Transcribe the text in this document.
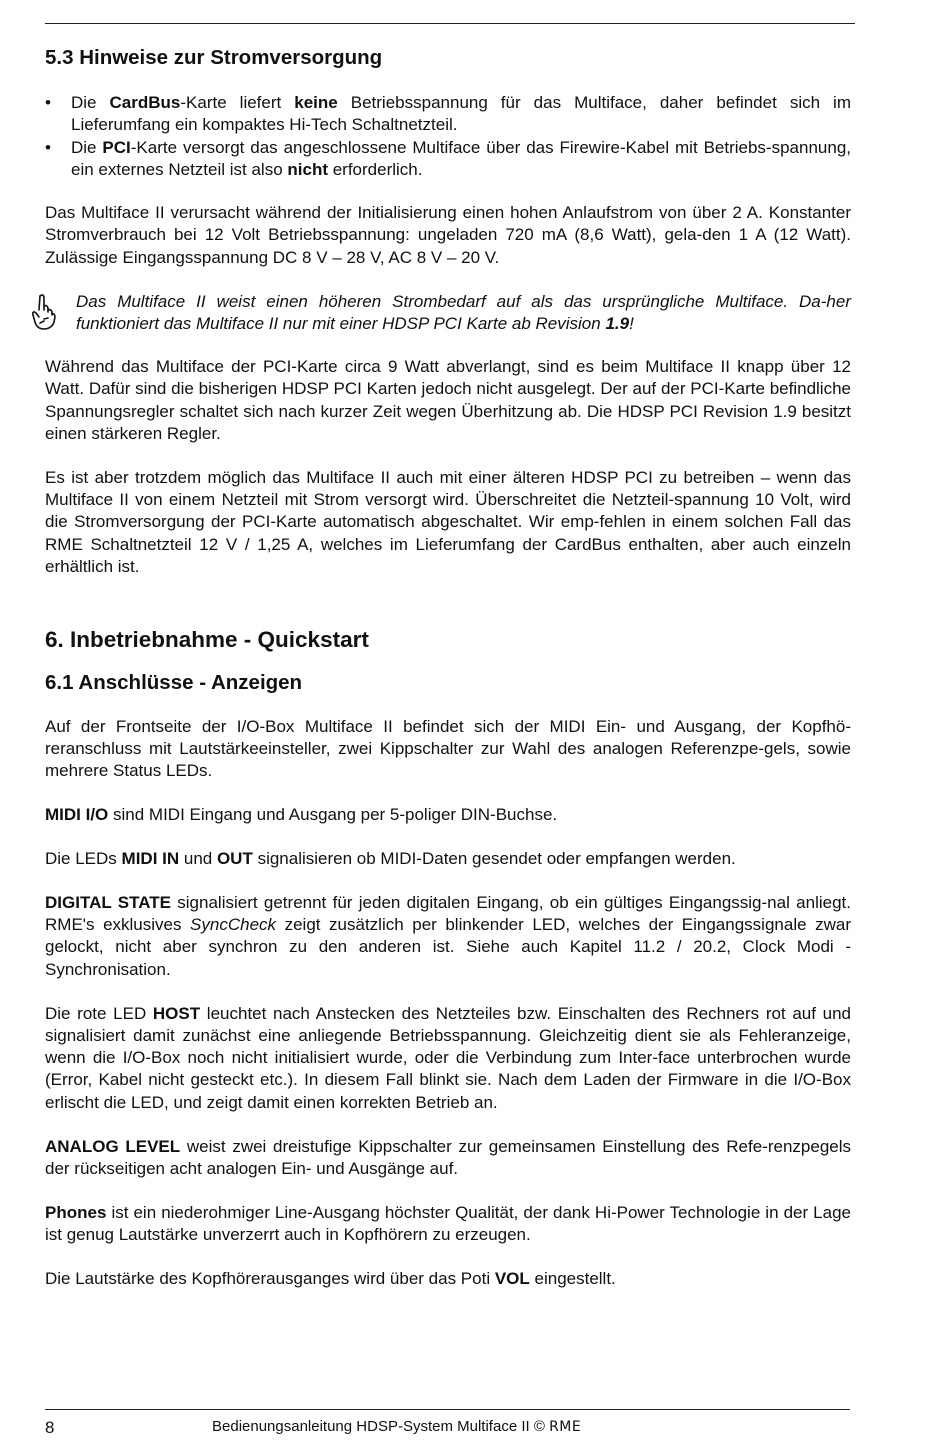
5.3 Hinweise zur Stromversorgung
• Die CardBus-Karte liefert keine Betriebsspannung für das Multiface, daher befindet sich im Lieferumfang ein kompaktes Hi-Tech Schaltnetzteil.
• Die PCI-Karte versorgt das angeschlossene Multiface über das Firewire-Kabel mit Betriebs-spannung, ein externes Netzteil ist also nicht erforderlich.

Das Multiface II verursacht während der Initialisierung einen hohen Anlaufstrom von über 2 A. Konstanter Stromverbrauch bei 12 Volt Betriebsspannung: ungeladen 720 mA (8,6 Watt), gela-den 1 A (12 Watt). Zulässige Eingangsspannung DC 8 V – 28 V, AC 8 V – 20 V.

Das Multiface II weist einen höheren Strombedarf auf als das ursprüngliche Multiface. Da-her funktioniert das Multiface II nur mit einer HDSP PCI Karte ab Revision 1.9!

Während das Multiface der PCI-Karte circa 9 Watt abverlangt, sind es beim Multiface II knapp über 12 Watt. Dafür sind die bisherigen HDSP PCI Karten jedoch nicht ausgelegt. Der auf der PCI-Karte befindliche Spannungsregler schaltet sich nach kurzer Zeit wegen Überhitzung ab. Die HDSP PCI Revision 1.9 besitzt einen stärkeren Regler.

Es ist aber trotzdem möglich das Multiface II auch mit einer älteren HDSP PCI zu betreiben – wenn das Multiface II von einem Netzteil mit Strom versorgt wird. Überschreitet die Netzteil-spannung 10 Volt, wird die Stromversorgung der PCI-Karte automatisch abgeschaltet. Wir emp-fehlen in einem solchen Fall das RME Schaltnetzteil 12 V / 1,25 A, welches im Lieferumfang der CardBus enthalten, aber auch einzeln erhältlich ist.

6. Inbetriebnahme - Quickstart
6.1 Anschlüsse - Anzeigen

Auf der Frontseite der I/O-Box Multiface II befindet sich der MIDI Ein- und Ausgang, der Kopfhö-reranschluss mit Lautstärkeeinsteller, zwei Kippschalter zur Wahl des analogen Referenzpe-gels, sowie mehrere Status LEDs.

MIDI I/O sind MIDI Eingang und Ausgang per 5-poliger DIN-Buchse.

Die LEDs MIDI IN und OUT signalisieren ob MIDI-Daten gesendet oder empfangen werden.

DIGITAL STATE signalisiert getrennt für jeden digitalen Eingang, ob ein gültiges Eingangssig-nal anliegt. RME's exklusives SyncCheck zeigt zusätzlich per blinkender LED, welches der Eingangssignale zwar gelockt, nicht aber synchron zu den anderen ist. Siehe auch Kapitel 11.2 / 20.2, Clock Modi - Synchronisation.

Die rote LED HOST leuchtet nach Anstecken des Netzteiles bzw. Einschalten des Rechners rot auf und signalisiert damit zunächst eine anliegende Betriebsspannung. Gleichzeitig dient sie als Fehleranzeige, wenn die I/O-Box noch nicht initialisiert wurde, oder die Verbindung zum Inter-face unterbrochen wurde (Error, Kabel nicht gesteckt etc.). In diesem Fall blinkt sie. Nach dem Laden der Firmware in die I/O-Box erlischt die LED, und zeigt damit einen korrekten Betrieb an.

ANALOG LEVEL weist zwei dreistufige Kippschalter zur gemeinsamen Einstellung des Refe-renzpegels der rückseitigen acht analogen Ein- und Ausgänge auf.

Phones ist ein niederohmiger Line-Ausgang höchster Qualität, der dank Hi-Power Technologie in der Lage ist genug Lautstärke unverzerrt auch in Kopfhörern zu erzeugen.

Die Lautstärke des Kopfhörerausganges wird über das Poti VOL eingestellt.

8	Bedienungsanleitung HDSP-System Multiface II © RME
